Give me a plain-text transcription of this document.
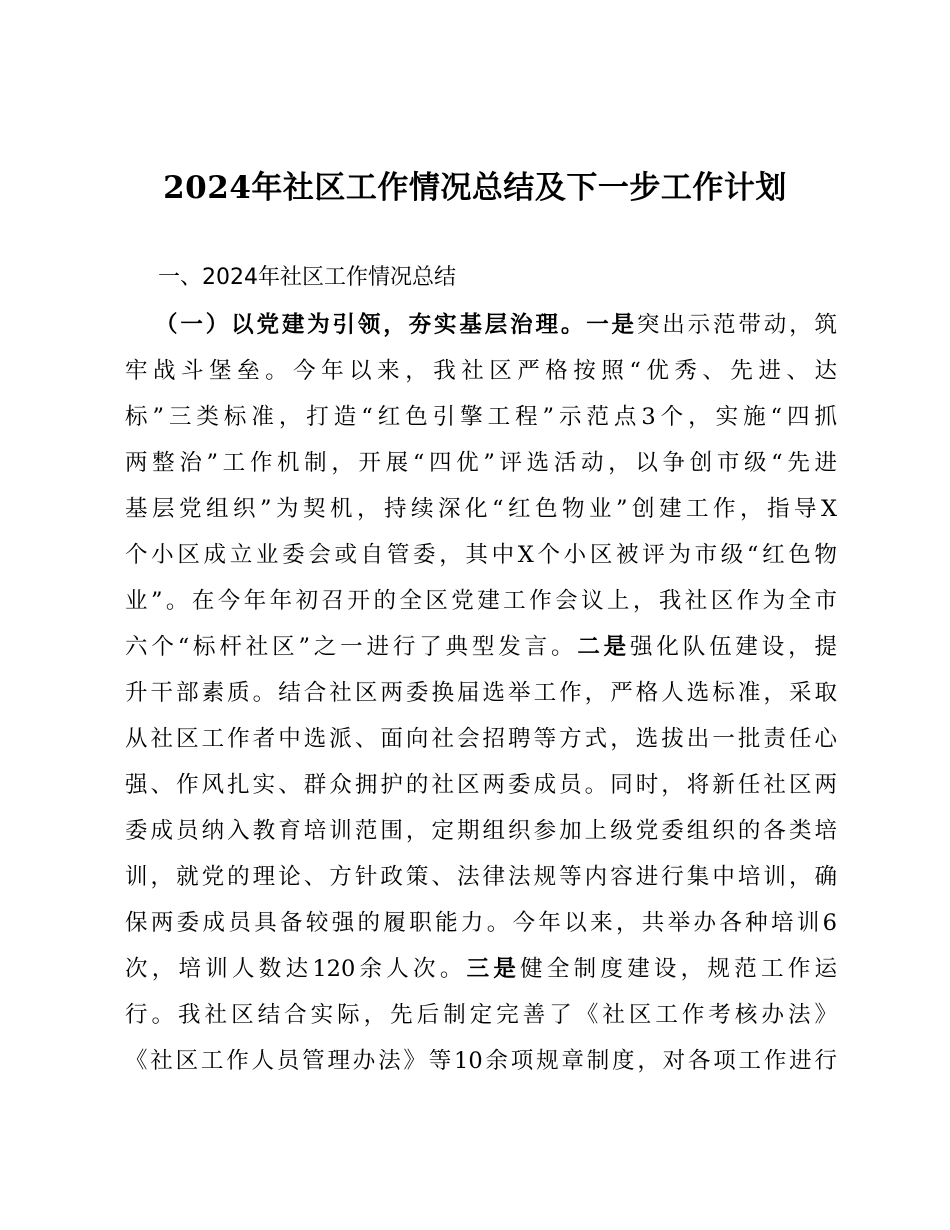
2024年社区工作情况总结及下一步工作计划
一、2024年社区工作情况总结
（一）以党建为引领，夯实基层治理。一是突出示范带动，筑
牢战斗堡垒。今年以来，我社区严格按照“优秀、先进、达
标”三类标准，打造“红色引擎工程”示范点3个，实施“四抓
两整治”工作机制，开展“四优”评选活动，以争创市级“先进
基层党组织”为契机，持续深化“红色物业”创建工作，指导X
个小区成立业委会或自管委，其中X个小区被评为市级“红色物
业”。在今年年初召开的全区党建工作会议上，我社区作为全市
六个“标杆社区”之一进行了典型发言。二是强化队伍建设，提
升干部素质。结合社区两委换届选举工作，严格人选标准，采取
从社区工作者中选派、面向社会招聘等方式，选拔出一批责任心
强、作风扎实、群众拥护的社区两委成员。同时，将新任社区两
委成员纳入教育培训范围，定期组织参加上级党委组织的各类培
训，就党的理论、方针政策、法律法规等内容进行集中培训，确
保两委成员具备较强的履职能力。今年以来，共举办各种培训6
次，培训人数达120余人次。三是健全制度建设，规范工作运
行。我社区结合实际，先后制定完善了《社区工作考核办法》
《社区工作人员管理办法》等10余项规章制度，对各项工作进行
